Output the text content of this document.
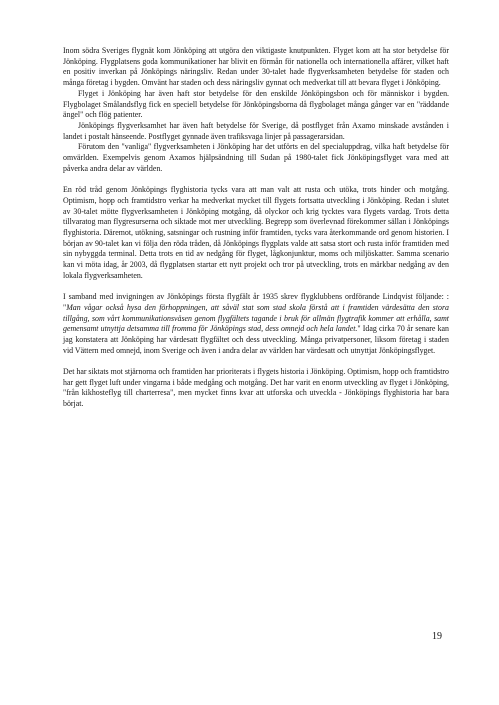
Inom södra Sveriges flygnät kom Jönköping att utgöra den viktigaste knutpunkten. Flyget kom att ha stor betydelse för Jönköping. Flygplatsens goda kommunikationer har blivit en förmån för nationella och internationella affärer, vilket haft en positiv inverkan på Jönköpings näringsliv. Redan under 30-talet hade flygverksamheten betydelse för staden och många företag i bygden. Omvänt har staden och dess näringsliv gynnat och medverkat till att bevara flyget i Jönköping.

Flyget i Jönköping har även haft stor betydelse för den enskilde Jönköpingsbon och för människor i bygden. Flygbolaget Smålandsflyg fick en speciell betydelse för Jönköpingsborna då flygbolaget många gånger var en "räddande ängel" och flög patienter.

Jönköpings flygverksamhet har även haft betydelse för Sverige, då postflyget från Axamo minskade avstånden i landet i postalt hänseende. Postflyget gynnade även trafiksvaga linjer på passagerarsidan.

Förutom den "vanliga" flygverksamheten i Jönköping har det utförts en del specialuppdrag, vilka haft betydelse för omvärlden. Exempelvis genom Axamos hjälpsändning till Sudan på 1980-talet fick Jönköpingsflyget vara med att påverka andra delar av världen.

En röd tråd genom Jönköpings flyghistoria tycks vara att man valt att rusta och utöka, trots hinder och motgång. Optimism, hopp och framtidstro verkar ha medverkat mycket till flygets fortsatta utveckling i Jönköping. Redan i slutet av 30-talet mötte flygverksamheten i Jönköping motgång, då olyckor och krig tycktes vara flygets vardag. Trots detta tillvaratog man flygresurserna och siktade mot mer utveckling. Begrepp som överlevnad förekommer sällan i Jönköpings flyghistoria. Däremot, utökning, satsningar och rustning inför framtiden, tycks vara återkommande ord genom historien. I början av 90-talet kan vi följa den röda tråden, då Jönköpings flygplats valde att satsa stort och rusta inför framtiden med sin nybyggda terminal. Detta trots en tid av nedgång för flyget, lågkonjunktur, moms och miljöskatter. Samma scenario kan vi möta idag, år 2003, då flygplatsen startar ett nytt projekt och tror på utveckling, trots en märkbar nedgång av den lokala flygverksamheten.

I samband med invigningen av Jönköpings första flygfält år 1935 skrev flygklubbens ordförande Lindqvist följande: : "Man vågar också hysa den förhoppningen, att såväl stat som stad skola förstå att i framtiden värdesätta den stora tillgång, som vårt kommunikationsväsen genom flygfältets tagande i bruk för allmän flygtrafik kommer att erhålla, samt gemensamt utnyttja detsamma till fromma för Jönköpings stad, dess omnejd och hela landet." Idag cirka 70 år senare kan jag konstatera att Jönköping har värdesatt flygfältet och dess utveckling. Många privatpersoner, liksom företag i staden vid Vättern med omnejd, inom Sverige och även i andra delar av världen har värdesatt och utnyttjat Jönköpingsflyget.

Det har siktats mot stjärnorna och framtiden har prioriterats i flygets historia i Jönköping. Optimism, hopp och framtidstro har gett flyget luft under vingarna i både medgång och motgång. Det har varit en enorm utveckling av flyget i Jönköping, "från kikhosteflyg till charterresa", men mycket finns kvar att utforska och utveckla - Jönköpings flyghistoria har bara börjat.

19
